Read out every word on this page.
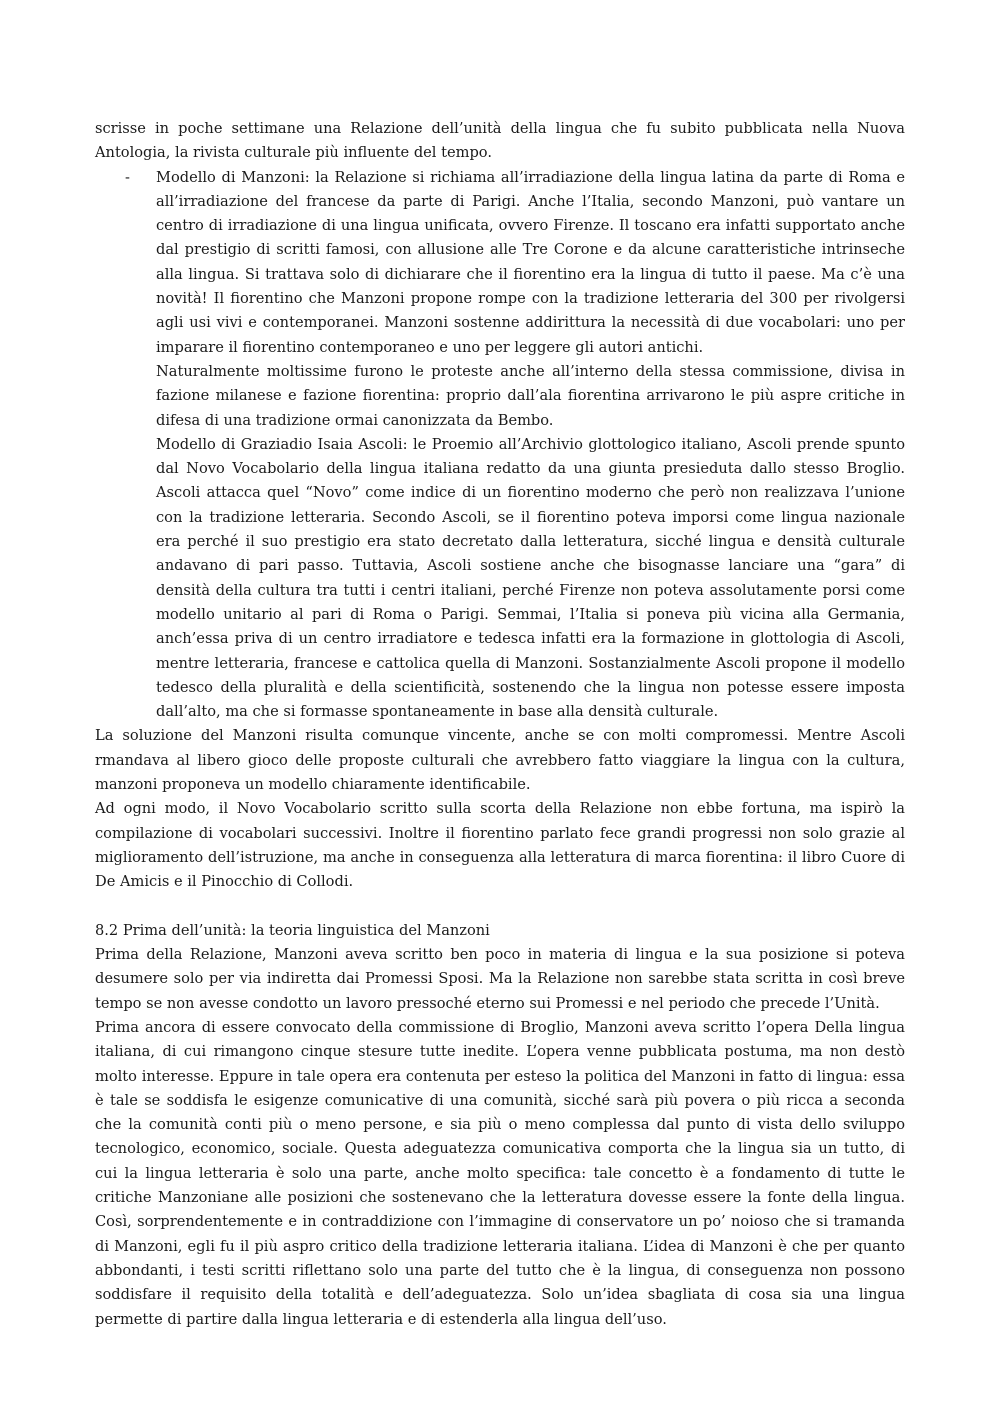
scrisse in poche settimane una Relazione dell’unità della lingua che fu subito pubblicata nella Nuova Antologia, la rivista culturale più influente del tempo.

- Modello di Manzoni: la Relazione si richiama all’irradiazione della lingua latina da parte di Roma e all’irradiazione del francese da parte di Parigi. Anche l’Italia, secondo Manzoni, può vantare un centro di irradiazione di una lingua unificata, ovvero Firenze. Il toscano era infatti supportato anche dal prestigio di scritti famosi, con allusione alle Tre Corone e da alcune caratteristiche intrinseche alla lingua. Si trattava solo di dichiarare che il fiorentino era la lingua di tutto il paese. Ma c’è una novità! Il fiorentino che Manzoni propone rompe con la tradizione letteraria del 300 per rivolgersi agli usi vivi e contemporanei. Manzoni sostenne addirittura la necessità di due vocabolari: uno per imparare il fiorentino contemporaneo e uno per leggere gli autori antichi.

Naturalmente moltissime furono le proteste anche all’interno della stessa commissione, divisa in fazione milanese e fazione fiorentina: proprio dall’ala fiorentina arrivarono le più aspre critiche in difesa di una tradizione ormai canonizzata da Bembo.

Modello di Graziadio Isaia Ascoli: le Proemio all’Archivio glottologico italiano, Ascoli prende spunto dal Novo Vocabolario della lingua italiana redatto da una giunta presieduta dallo stesso Broglio. Ascoli attacca quel “Novo” come indice di un fiorentino moderno che però non realizzava l’unione con la tradizione letteraria. Secondo Ascoli, se il fiorentino poteva imporsi come lingua nazionale era perché il suo prestigio era stato decretato dalla letteratura, sicché lingua e densità culturale andavano di pari passo. Tuttavia, Ascoli sostiene anche che bisognasse lanciare una “gara” di densità della cultura tra tutti i centri italiani, perché Firenze non poteva assolutamente porsi come modello unitario al pari di Roma o Parigi. Semmai, l’Italia si poneva più vicina alla Germania, anch’essa priva di un centro irradiatore e tedesca infatti era la formazione in glottologia di Ascoli, mentre letteraria, francese e cattolica quella di Manzoni. Sostanzialmente Ascoli propone il modello tedesco della pluralità e della scientificità, sostenendo che la lingua non potesse essere imposta dall’alto, ma che si formasse spontaneamente in base alla densità culturale.

La soluzione del Manzoni risulta comunque vincente, anche se con molti compromessi. Mentre Ascoli rmandava al libero gioco delle proposte culturali che avrebbero fatto viaggiare la lingua con la cultura, manzoni proponeva un modello chiaramente identificabile.

Ad ogni modo, il Novo Vocabolario scritto sulla scorta della Relazione non ebbe fortuna, ma ispirò la compilazione di vocabolari successivi. Inoltre il fiorentino parlato fece grandi progressi non solo grazie al miglioramento dell’istruzione, ma anche in conseguenza alla letteratura di marca fiorentina: il libro Cuore di De Amicis e il Pinocchio di Collodi.

8.2 Prima dell’unità: la teoria linguistica del Manzoni

Prima della Relazione, Manzoni aveva scritto ben poco in materia di lingua e la sua posizione si poteva desumere solo per via indiretta dai Promessi Sposi. Ma la Relazione non sarebbe stata scritta in così breve tempo se non avesse condotto un lavoro pressoché eterno sui Promessi e nel periodo che precede l’Unità.

Prima ancora di essere convocato della commissione di Broglio, Manzoni aveva scritto l’opera Della lingua italiana, di cui rimangono cinque stesure tutte inedite. L’opera venne pubblicata postuma, ma non destò molto interesse. Eppure in tale opera era contenuta per esteso la politica del Manzoni in fatto di lingua: essa è tale se soddisfa le esigenze comunicative di una comunità, sicché sarà più povera o più ricca a seconda che la comunità conti più o meno persone, e sia più o meno complessa dal punto di vista dello sviluppo tecnologico, economico, sociale. Questa adeguatezza comunicativa comporta che la lingua sia un tutto, di cui la lingua letteraria è solo una parte, anche molto specifica: tale concetto è a fondamento di tutte le critiche Manzoniane alle posizioni che sostenevano che la letteratura dovesse essere la fonte della lingua. Così, sorprendentemente e in contraddizione con l’immagine di conservatore un po’ noioso che si tramanda di Manzoni, egli fu il più aspro critico della tradizione letteraria italiana. L’idea di Manzoni è che per quanto abbondanti, i testi scritti riflettano solo una parte del tutto che è la lingua, di conseguenza non possono soddisfare il requisito della totalità e dell’adeguatezza. Solo un’idea sbagliata di cosa sia una lingua permette di partire dalla lingua letteraria e di estenderla alla lingua dell’uso.
